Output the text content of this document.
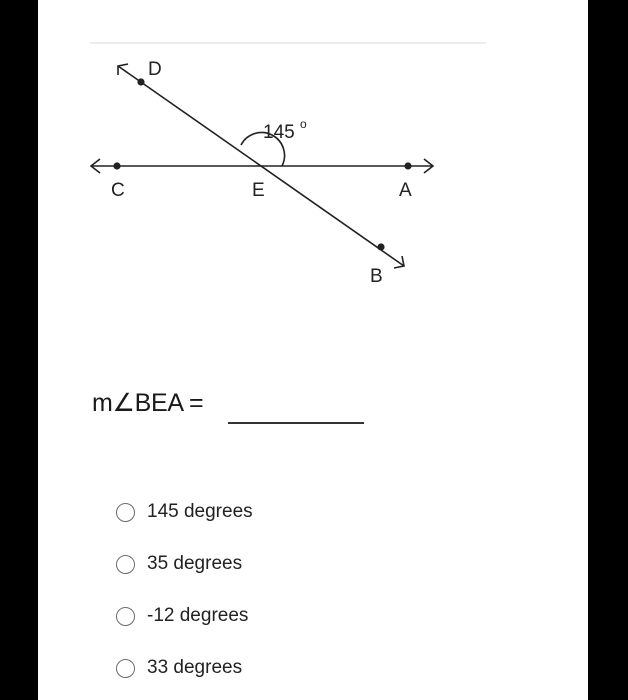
D
C	E	A
B
145 o
m∠BEA =
145 degrees
35 degrees
-12 degrees
33 degrees
